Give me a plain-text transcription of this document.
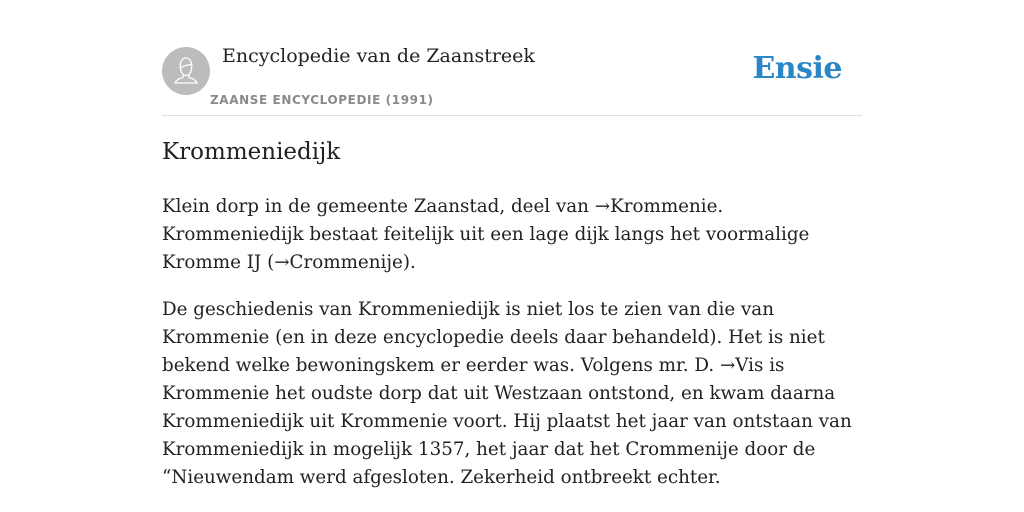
Encyclopedie van de Zaanstreek
ZAANSE ENCYCLOPEDIE (1991)
Ensie
Krommeniedijk

Klein dorp in de gemeente Zaanstad, deel van →Krommenie. Krommeniedijk bestaat feitelijk uit een lage dijk langs het voormalige Kromme IJ (→Crommenije).

De geschiedenis van Krommeniedijk is niet los te zien van die van Krommenie (en in deze encyclopedie deels daar behandeld). Het is niet bekend welke bewoningskem er eerder was. Volgens mr. D. →Vis is Krommenie het oudste dorp dat uit Westzaan ontstond, en kwam daarna Krommeniedijk uit Krommenie voort. Hij plaatst het jaar van ontstaan van Krommeniedijk in mogelijk 1357, het jaar dat het Crommenije door de “Nieuwendam werd afgesloten. Zekerheid ontbreekt echter.
